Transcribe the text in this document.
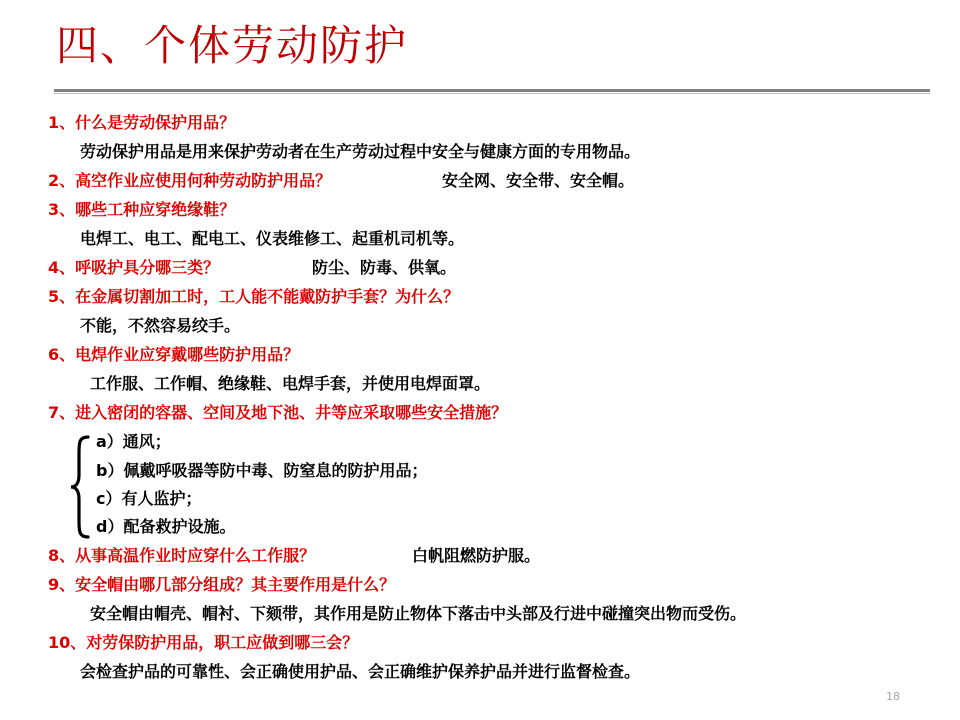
四、个体劳动防护
1、什么是劳动保护用品？
劳动保护用品是用来保护劳动者在生产劳动过程中安全与健康方面的专用物品。
2、高空作业应使用何种劳动防护用品？	安全网、安全带、安全帽。
3、哪些工种应穿绝缘鞋？
电焊工、电工、配电工、仪表维修工、起重机司机等。
4、呼吸护具分哪三类？	防尘、防毒、供氧。
5、在金属切割加工时，工人能不能戴防护手套？为什么？
不能，不然容易绞手。
6、电焊作业应穿戴哪些防护用品？
工作服、工作帽、绝缘鞋、电焊手套，并使用电焊面罩。
7、进入密闭的容器、空间及地下池、井等应采取哪些安全措施？
a）通风；
b）佩戴呼吸器等防中毒、防窒息的防护用品；
c）有人监护；
d）配备救护设施。
8、从事高温作业时应穿什么工作服？	白帆阻燃防护服。
9、安全帽由哪几部分组成？其主要作用是什么？
安全帽由帽壳、帽衬、下颏带，其作用是防止物体下落击中头部及行进中碰撞突出物而受伤。
10、对劳保防护用品，职工应做到哪三会？
会检查护品的可靠性、会正确使用护品、会正确维护保养护品并进行监督检查。
18
